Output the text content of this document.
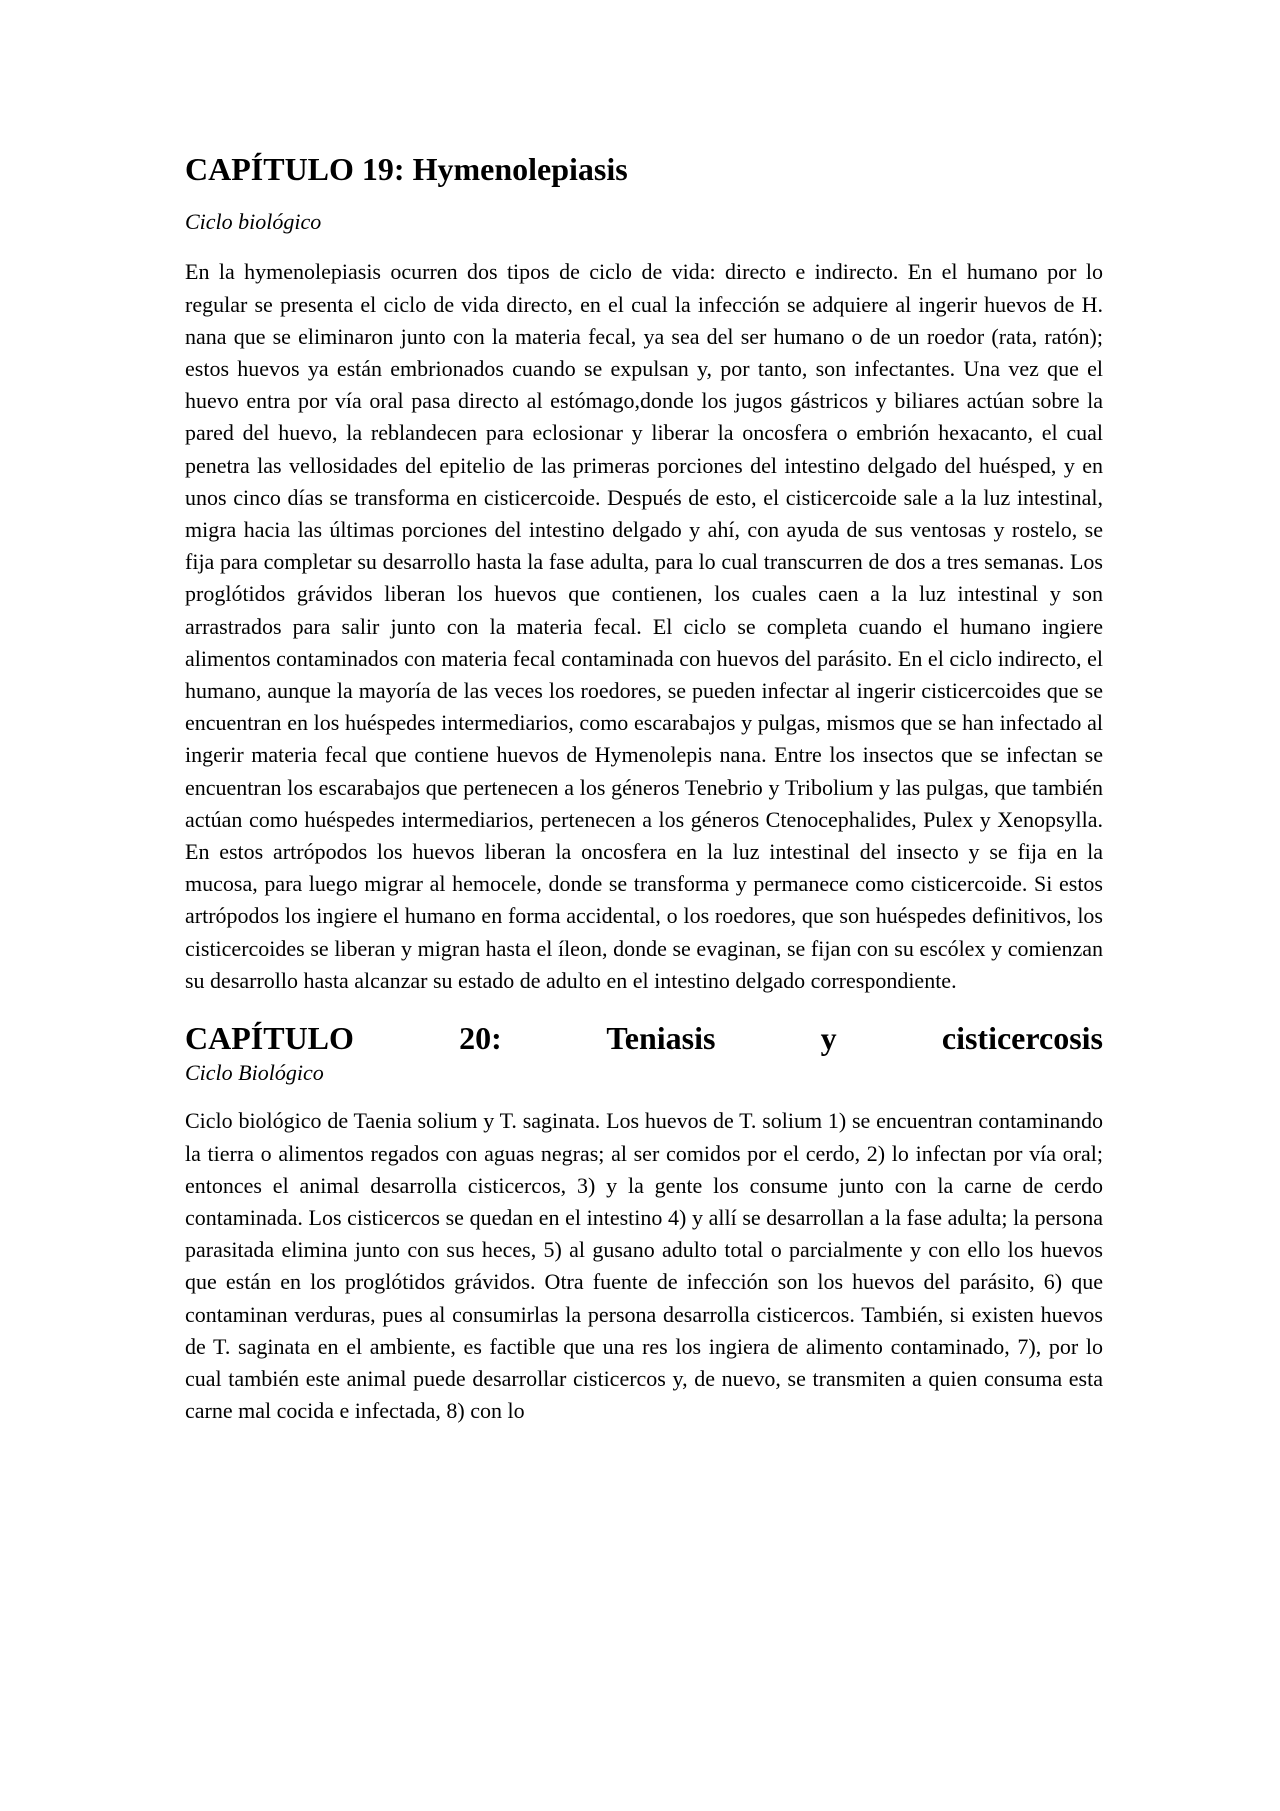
CAPÍTULO 19: Hymenolepiasis
Ciclo biológico

En la hymenolepiasis ocurren dos tipos de ciclo de vida: directo e indirecto. En el humano por lo regular se presenta el ciclo de vida directo, en el cual la infección se adquiere al ingerir huevos de H. nana que se eliminaron junto con la materia fecal, ya sea del ser humano o de un roedor (rata, ratón); estos huevos ya están embrionados cuando se expulsan y, por tanto, son infectantes. Una vez que el huevo entra por vía oral pasa directo al estómago,donde los jugos gástricos y biliares actúan sobre la pared del huevo, la reblandecen para eclosionar y liberar la oncosfera o embrión hexacanto, el cual penetra las vellosidades del epitelio de las primeras porciones del intestino delgado del huésped, y en unos cinco días se transforma en cisticercoide. Después de esto, el cisticercoide sale a la luz intestinal, migra hacia las últimas porciones del intestino delgado y ahí, con ayuda de sus ventosas y rostelo, se fija para completar su desarrollo hasta la fase adulta, para lo cual transcurren de dos a tres semanas. Los proglótidos grávidos liberan los huevos que contienen, los cuales caen a la luz intestinal y son arrastrados para salir junto con la materia fecal. El ciclo se completa cuando el humano ingiere alimentos contaminados con materia fecal contaminada con huevos del parásito. En el ciclo indirecto, el humano, aunque la mayoría de las veces los roedores, se pueden infectar al ingerir cisticercoides que se encuentran en los huéspedes intermediarios, como escarabajos y pulgas, mismos que se han infectado al ingerir materia fecal que contiene huevos de Hymenolepis nana. Entre los insectos que se infectan se encuentran los escarabajos que pertenecen a los géneros Tenebrio y Tribolium y las pulgas, que también actúan como huéspedes intermediarios, pertenecen a los géneros Ctenocephalides, Pulex y Xenopsylla. En estos artrópodos los huevos liberan la oncosfera en la luz intestinal del insecto y se fija en la mucosa, para luego migrar al hemocele, donde se transforma y permanece como cisticercoide. Si estos artrópodos los ingiere el humano en forma accidental, o los roedores, que son huéspedes definitivos, los cisticercoides se liberan y migran hasta el íleon, donde se evaginan, se fijan con su escólex y comienzan su desarrollo hasta alcanzar su estado de adulto en el intestino delgado correspondiente.

CAPÍTULO 20: Teniasis y cisticercosis
Ciclo Biológico

Ciclo biológico de Taenia solium y T. saginata. Los huevos de T. solium 1) se encuentran contaminando la tierra o alimentos regados con aguas negras; al ser comidos por el cerdo, 2) lo infectan por vía oral; entonces el animal desarrolla cisticercos, 3) y la gente los consume junto con la carne de cerdo contaminada. Los cisticercos se quedan en el intestino 4) y allí se desarrollan a la fase adulta; la persona parasitada elimina junto con sus heces, 5) al gusano adulto total o parcialmente y con ello los huevos que están en los proglótidos grávidos. Otra fuente de infección son los huevos del parásito, 6) que contaminan verduras, pues al consumirlas la persona desarrolla cisticercos. También, si existen huevos de T. saginata en el ambiente, es factible que una res los ingiera de alimento contaminado, 7), por lo cual también este animal puede desarrollar cisticercos y, de nuevo, se transmiten a quien consuma esta carne mal cocida e infectada, 8) con lo
